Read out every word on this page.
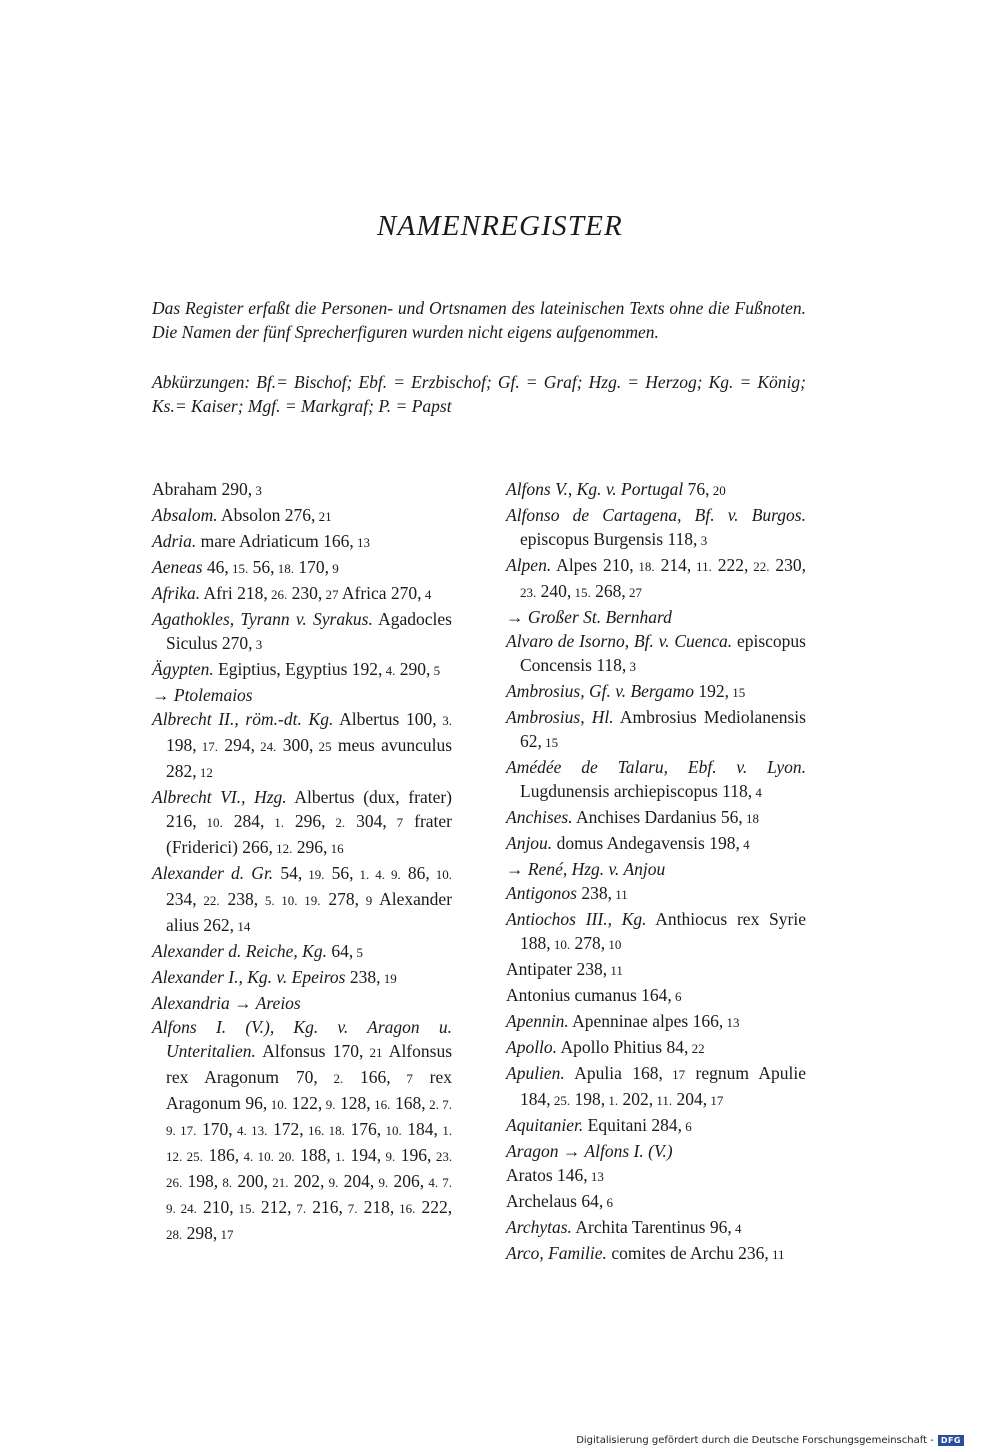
NAMENREGISTER

Das Register erfaßt die Personen- und Ortsnamen des lateinischen Texts ohne die Fußnoten. Die Namen der fünf Sprecherfiguren wurden nicht eigens aufgenommen.

Abkürzungen: Bf.= Bischof; Ebf. = Erzbischof; Gf. = Graf; Hzg. = Herzog; Kg. = König; Ks.= Kaiser; Mgf. = Markgraf; P. = Papst

Abraham 290, 3
Absalom. Absolon 276, 21
Adria. mare Adriaticum 166, 13
Aeneas 46, 15. 56, 18. 170, 9
Afrika. Afri 218, 26. 230, 27 Africa 270, 4
Agathokles, Tyrann v. Syrakus. Agadocles Siculus 270, 3
Ägypten. Egiptius, Egyptius 192, 4. 290, 5
→ Ptolemaios
Albrecht II., röm.-dt. Kg. Albertus 100, 3. 198, 17. 294, 24. 300, 25 meus avunculus 282, 12
Albrecht VI., Hzg. Albertus (dux, frater) 216, 10. 284, 1. 296, 2. 304, 7 frater (Friderici) 266, 12. 296, 16
Alexander d. Gr. 54, 19. 56, 1. 4. 9. 86, 10. 234, 22. 238, 5. 10. 19. 278, 9 Alexander alius 262, 14
Alexander d. Reiche, Kg. 64, 5
Alexander I., Kg. v. Epeiros 238, 19
Alexandria → Areios
Alfons I. (V.), Kg. v. Aragon u. Unteritalien. Alfonsus 170, 21 Alfonsus rex Aragonum 70, 2. 166, 7 rex Aragonum 96, 10. 122, 9. 128, 16. 168, 2. 7. 9. 17. 170, 4. 13. 172, 16. 18. 176, 10. 184, 1. 12. 25. 186, 4. 10. 20. 188, 1. 194, 9. 196, 23. 26. 198, 8. 200, 21. 202, 9. 204, 9. 206, 4. 7. 9. 24. 210, 15. 212, 7. 216, 7. 218, 16. 222, 28. 298, 17
Alfons V., Kg. v. Portugal 76, 20
Alfonso de Cartagena, Bf. v. Burgos. episcopus Burgensis 118, 3
Alpen. Alpes 210, 18. 214, 11. 222, 22. 230, 23. 240, 15. 268, 27
→ Großer St. Bernhard
Alvaro de Isorno, Bf. v. Cuenca. episcopus Concensis 118, 3
Ambrosius, Gf. v. Bergamo 192, 15
Ambrosius, Hl. Ambrosius Mediolanensis 62, 15
Amédée de Talaru, Ebf. v. Lyon. Lugdunensis archiepiscopus 118, 4
Anchises. Anchises Dardanius 56, 18
Anjou. domus Andegavensis 198, 4
→ René, Hzg. v. Anjou
Antigonos 238, 11
Antiochos III., Kg. Anthiocus rex Syrie 188, 10. 278, 10
Antipater 238, 11
Antonius cumanus 164, 6
Apennin. Apenninae alpes 166, 13
Apollo. Apollo Phitius 84, 22
Apulien. Apulia 168, 17 regnum Apulie 184, 25. 198, 1. 202, 11. 204, 17
Aquitanier. Equitani 284, 6
Aragon → Alfons I. (V.)
Aratos 146, 13
Archelaus 64, 6
Archytas. Archita Tarentinus 96, 4
Arco, Familie. comites de Archu 236, 11
Digitalisierung gefördert durch die Deutsche Forschungsgemeinschaft - DFG
